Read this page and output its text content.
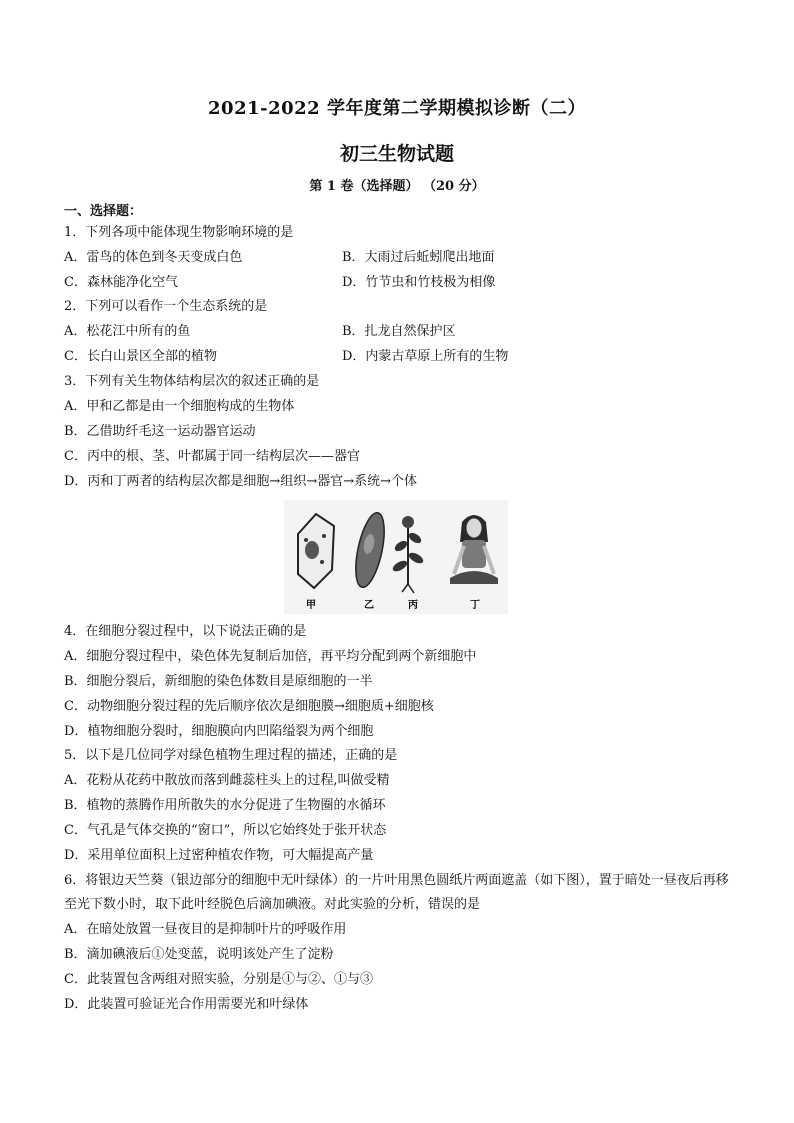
2021-2022 学年度第二学期模拟诊断（二）
初三生物试题
第 1 卷（选择题） （20 分）
一、选择题：
1．下列各项中能体现生物影响环境的是
A．雷鸟的体色到冬天变成白色	B．大雨过后蚯蚓爬出地面
C．森林能净化空气	D．竹节虫和竹枝极为相像
2．下列可以看作一个生态系统的是
A．松花江中所有的鱼	B．扎龙自然保护区
C．长白山景区全部的植物	D．内蒙古草原上所有的生物
3．下列有关生物体结构层次的叙述正确的是
A．甲和乙都是由一个细胞构成的生物体
B．乙借助纤毛这一运动器官运动
C．丙中的根、茎、叶都属于同一结构层次——器官
D．丙和丁两者的结构层次都是细胞→组织→器官→系统→个体
甲	乙	丙	丁
4．在细胞分裂过程中，以下说法正确的是
A．细胞分裂过程中，染色体先复制后加倍，再平均分配到两个新细胞中
B．细胞分裂后，新细胞的染色体数目是原细胞的一半
C．动物细胞分裂过程的先后顺序依次是细胞膜→细胞质+细胞核
D．植物细胞分裂时，细胞膜向内凹陷缢裂为两个细胞
5．以下是几位同学对绿色植物生理过程的描述，正确的是
A．花粉从花药中散放而落到雌蕊柱头上的过程,叫做受精
B．植物的蒸腾作用所散失的水分促进了生物圈的水循环
C．气孔是气体交换的“窗口”，所以它始终处于张开状态
D．采用单位面积上过密种植农作物，可大幅提高产量
6．将银边天竺葵（银边部分的细胞中无叶绿体）的一片叶用黑色圆纸片两面遮盖（如下图），置于暗处一昼夜后再移至光下数小时，取下此叶经脱色后滴加碘液。对此实验的分析，错误的是
A．在暗处放置一昼夜目的是抑制叶片的呼吸作用
B．滴加碘液后①处变蓝，说明该处产生了淀粉
C．此装置包含两组对照实验，分别是①与②、①与③
D．此装置可验证光合作用需要光和叶绿体
